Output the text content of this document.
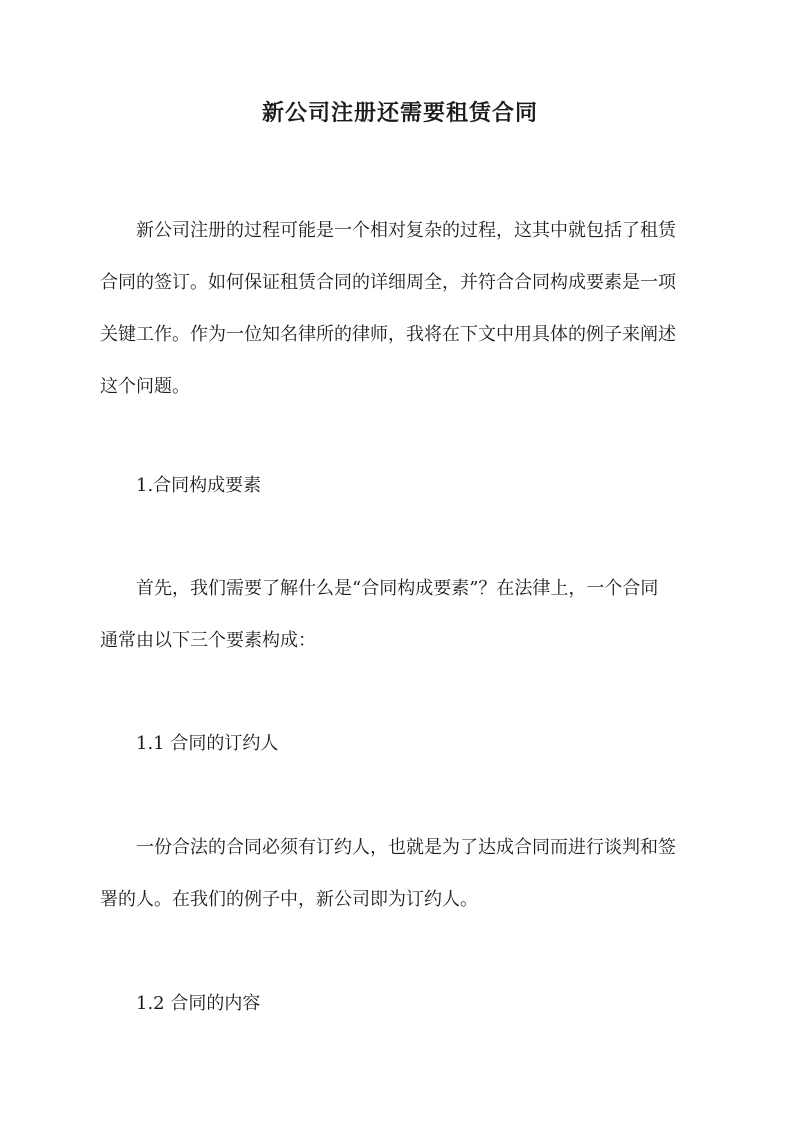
新公司注册还需要租赁合同
新公司注册的过程可能是一个相对复杂的过程，这其中就包括了租赁
合同的签订。如何保证租赁合同的详细周全，并符合合同构成要素是一项
关键工作。作为一位知名律所的律师，我将在下文中用具体的例子来阐述
这个问题。
1.合同构成要素
首先，我们需要了解什么是“合同构成要素”？在法律上，一个合同
通常由以下三个要素构成：
1.1 合同的订约人
一份合法的合同必须有订约人，也就是为了达成合同而进行谈判和签
署的人。在我们的例子中，新公司即为订约人。
1.2 合同的内容
